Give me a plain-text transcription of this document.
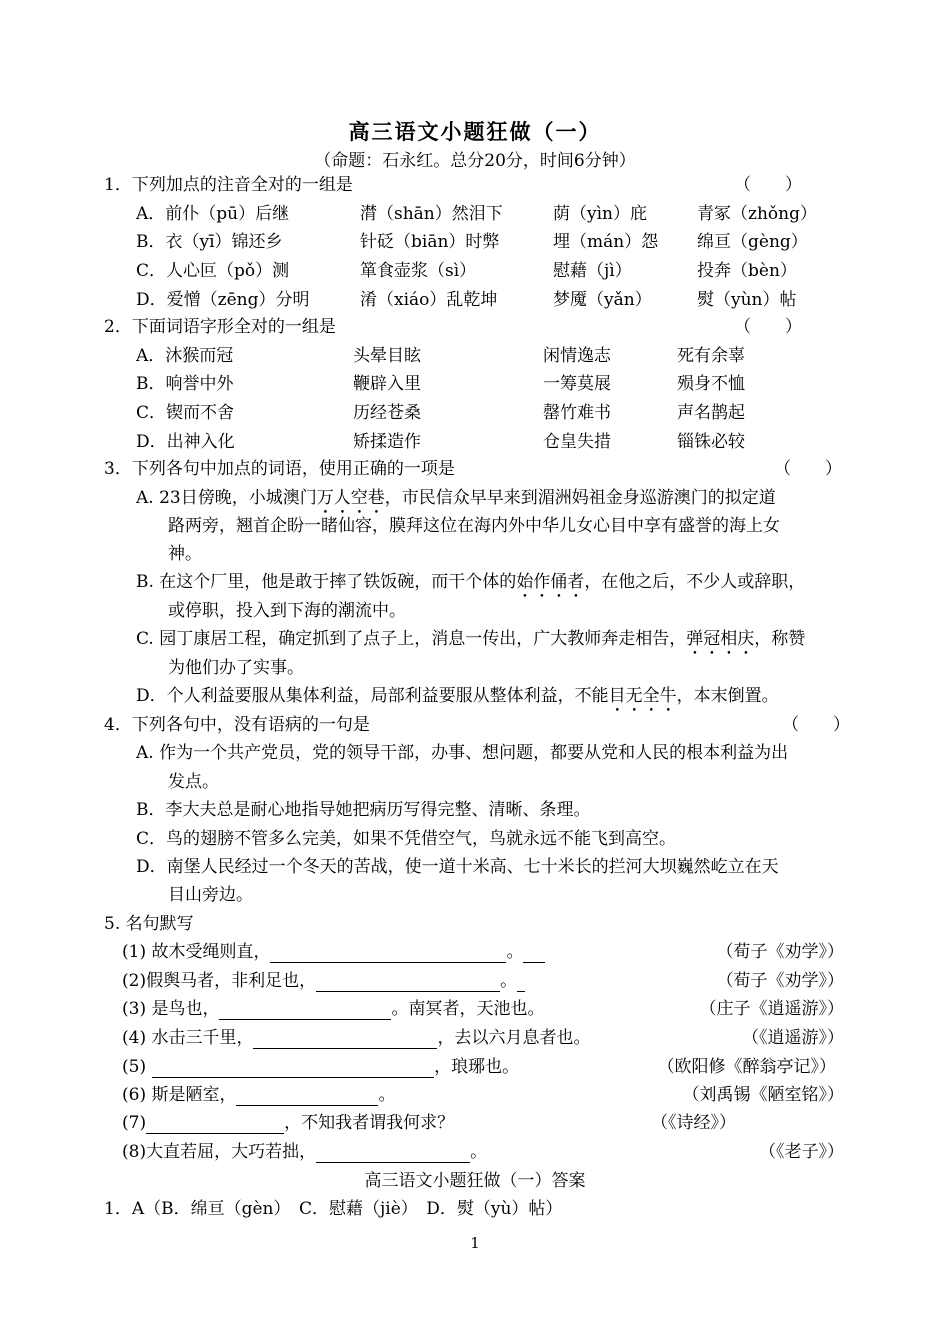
高三语文小题狂做（一）
（命题：石永红。总分20分，时间6分钟）
1．下列加点的注音全对的一组是	（　　）
A．前仆（pū）后继	潸（shān）然泪下	荫（yìn）庇	青冢（zhǒng）
B．衣（yī）锦还乡	针砭（biān）时弊	埋（mán）怨 绵亘（gèng）
C．人心叵（pǒ）测	箪食壶浆（sì）	慰藉（jì）	投奔（bèn）
D．爱憎（zēng）分明	淆（xiáo）乱乾坤	梦魇（yǎn）	熨（yùn）帖
2．下面词语字形全对的一组是	（　　）
A．沐猴而冠	头晕目眩	闲情逸志	死有余辜
B．响誉中外	鞭辟入里	一筹莫展	殒身不恤
C．锲而不舍	历经苍桑	罄竹难书	声名鹊起
D．出神入化	矫揉造作	仓皇失措	锱铢必较
3．下列各句中加点的词语，使用正确的一项是	（　　）
A. 23日傍晚，小城澳门万人空巷，市民信众早早来到湄洲妈祖金身巡游澳门的拟定道
路两旁，翘首企盼一睹仙容，膜拜这位在海内外中华儿女心目中享有盛誉的海上女
神。
B. 在这个厂里，他是敢于摔了铁饭碗，而干个体的始作俑者，在他之后，不少人或辞职，
或停职，投入到下海的潮流中。
C. 园丁康居工程，确定抓到了点子上，消息一传出，广大教师奔走相告，弹冠相庆，称赞
为他们办了实事。
D．个人利益要服从集体利益，局部利益要服从整体利益，不能目无全牛，本末倒置。
4．下列各句中，没有语病的一句是	（　　）
A. 作为一个共产党员，党的领导干部，办事、想问题，都要从党和人民的根本利益为出
发点。
B．李大夫总是耐心地指导她把病历写得完整、清晰、条理。
C．鸟的翅膀不管多么完美，如果不凭借空气，鸟就永远不能飞到高空。
D．南堡人民经过一个冬天的苦战，使一道十米高、七十米长的拦河大坝巍然屹立在天
目山旁边。
5. 名句默写
(1) 故木受绳则直，	。	（荀子《劝学》）
(2)假舆马者，非利足也，	。	（荀子《劝学》）
(3) 是鸟也，	。南冥者，天池也。	（庄子《逍遥游》）
(4) 水击三千里，	，去以六月息者也。	（《逍遥游》）
(5)	，琅琊也。	（欧阳修《醉翁亭记》）
(6) 斯是陋室，	。	（刘禹锡《陋室铭》）
(7)	，不知我者谓我何求？	（《诗经》）
(8)大直若屈，大巧若拙，	。	（《老子》）
高三语文小题狂做（一）答案
1．A（B．绵亘（gèn）　C．慰藉（jiè）　D．熨（yù）帖）
1
